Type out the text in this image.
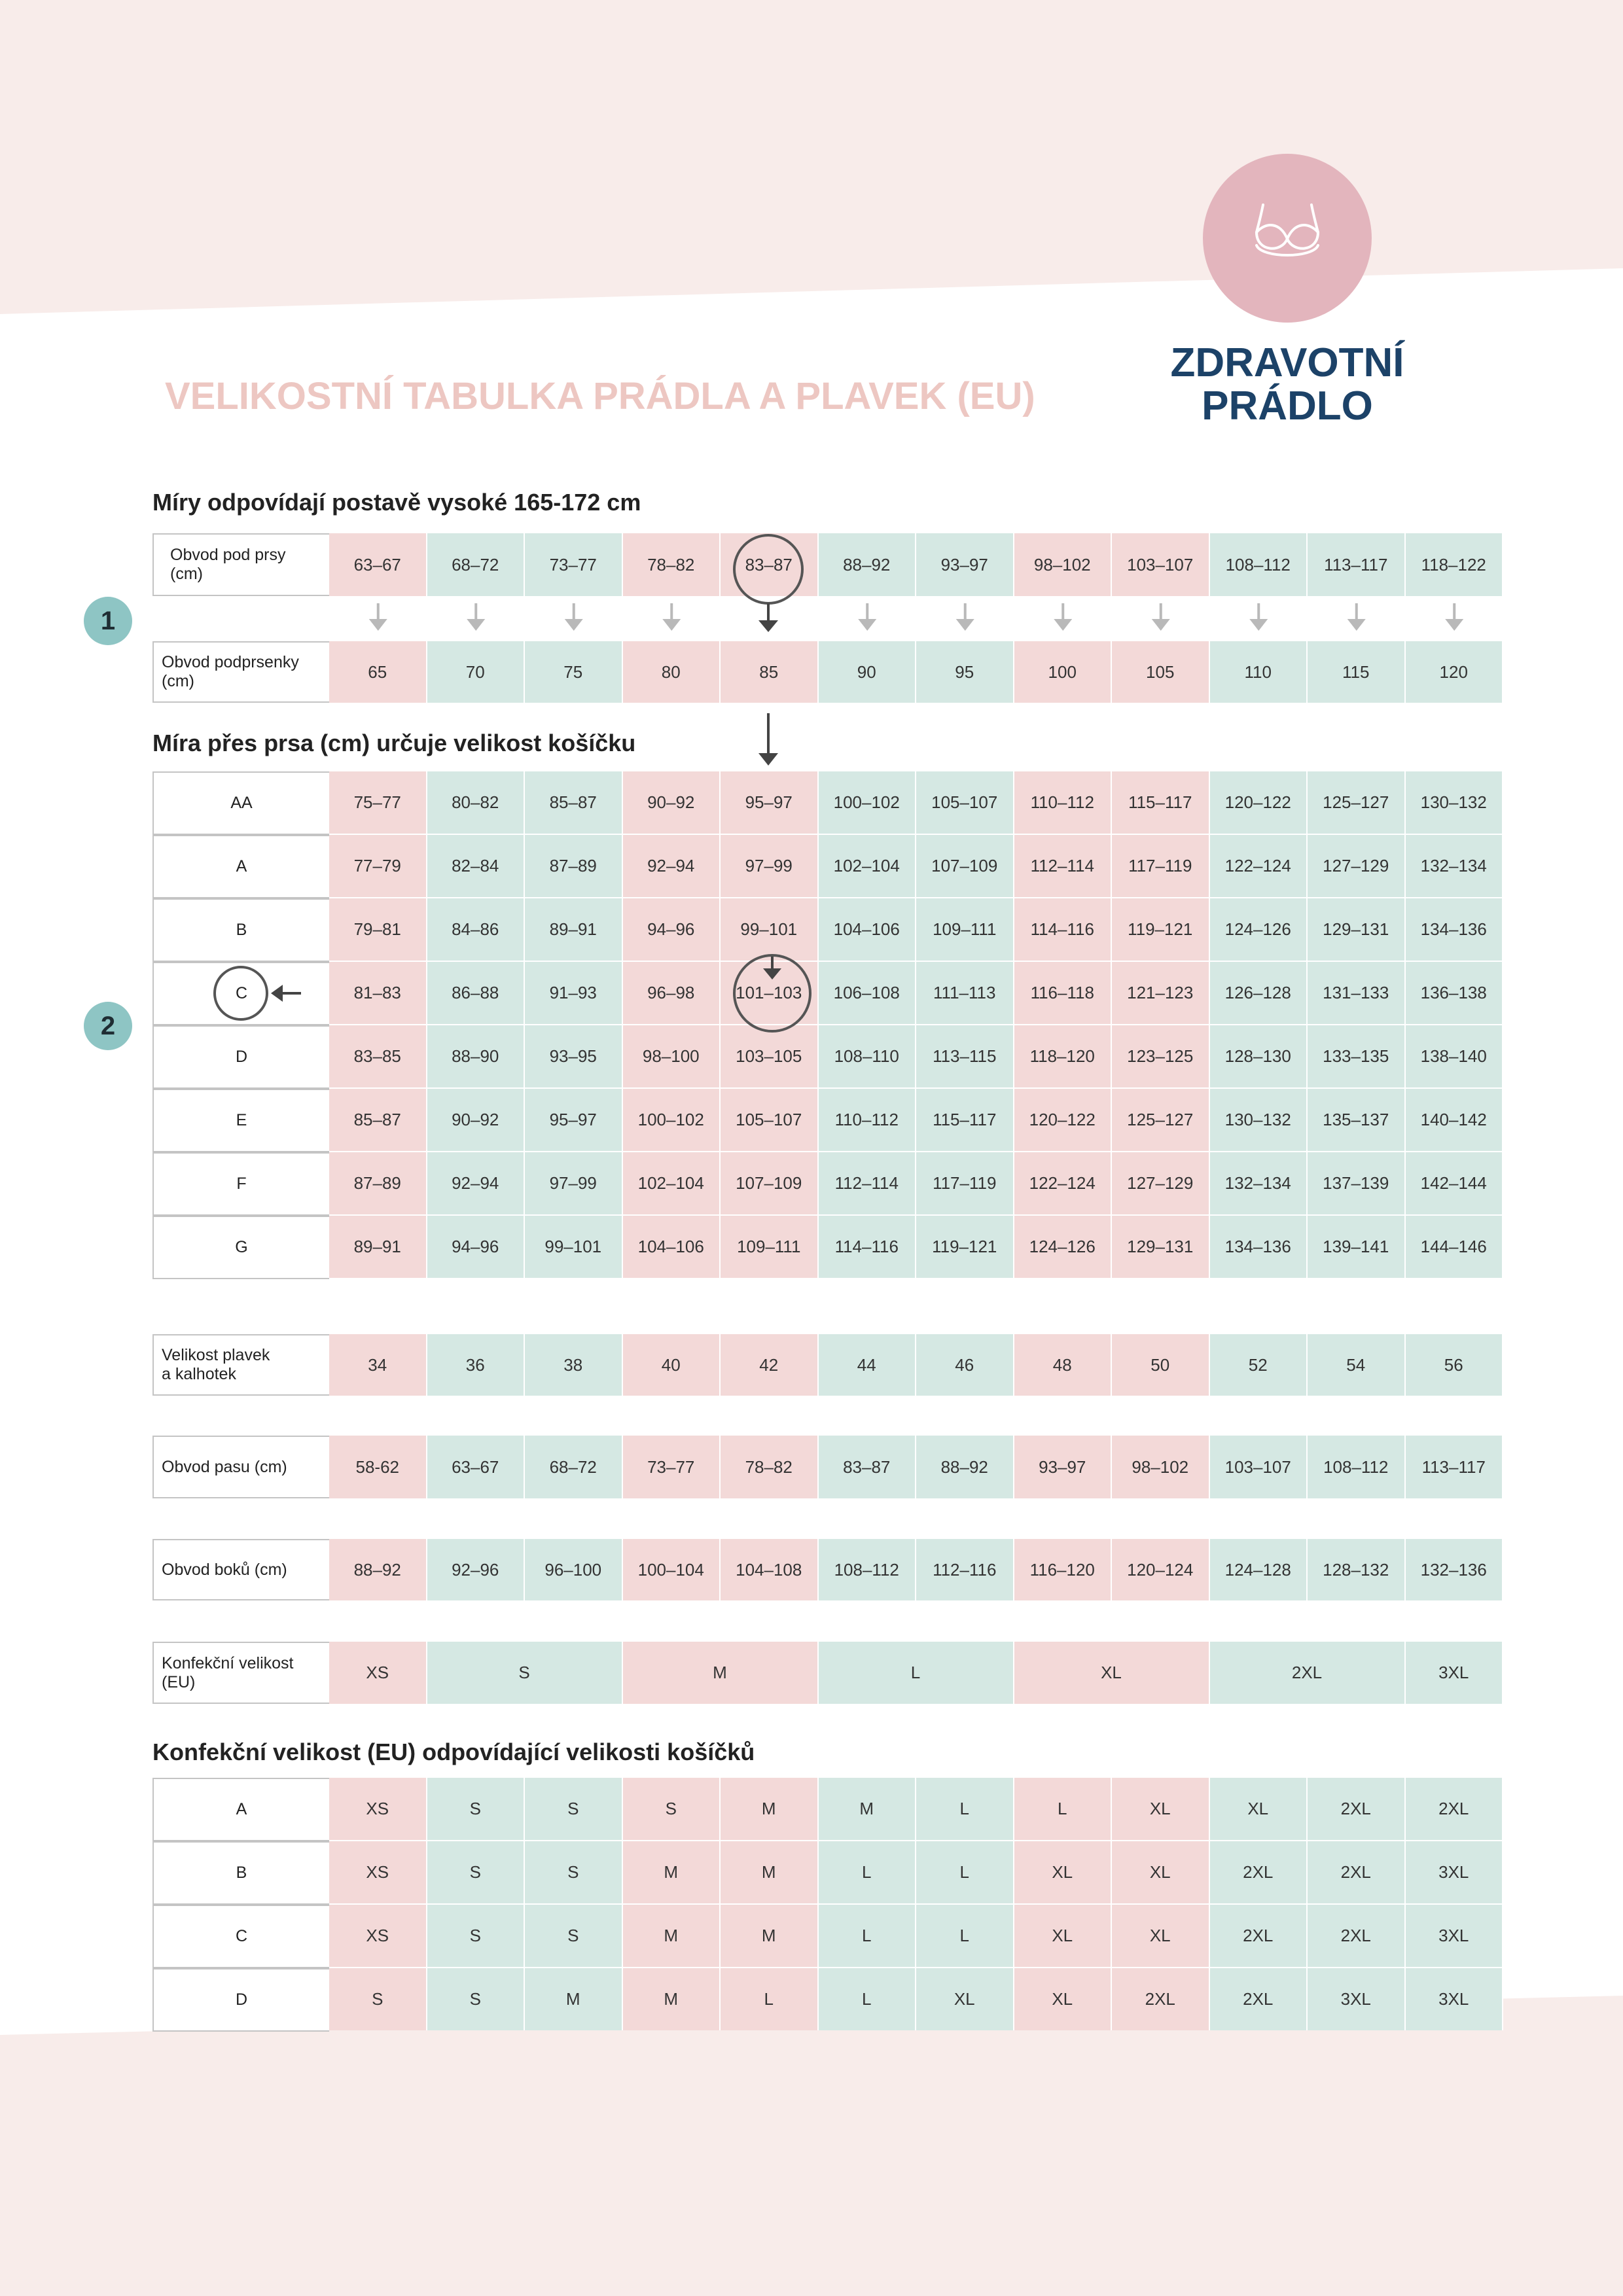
VELIKOSTNÍ TABULKA PRÁDLA A PLAVEK (EU)
ZDRAVOTNÍ
PRÁDLO
Míry odpovídají postavě vysoké 165-172 cm
Míra přes prsa (cm) určuje velikost košíčku
Konfekční velikost (EU) odpovídající velikosti košíčků
1
2
Obvod pod prsy
(cm)	63–67	68–72	73–77	78–82	83–87	88–92	93–97	98–102	103–107	108–112	113–117	118–122
Obvod podprsenky
(cm)	65	70	75	80	85	90	95	100	105	110	115	120
AA	75–77	80–82	85–87	90–92	95–97	100–102	105–107	110–112	115–117	120–122	125–127	130–132
A	77–79	82–84	87–89	92–94	97–99	102–104	107–109	112–114	117–119	122–124	127–129	132–134
B	79–81	84–86	89–91	94–96	99–101	104–106	109–111	114–116	119–121	124–126	129–131	134–136
C	81–83	86–88	91–93	96–98	101–103	106–108	111–113	116–118	121–123	126–128	131–133	136–138
D	83–85	88–90	93–95	98–100	103–105	108–110	113–115	118–120	123–125	128–130	133–135	138–140
E	85–87	90–92	95–97	100–102	105–107	110–112	115–117	120–122	125–127	130–132	135–137	140–142
F	87–89	92–94	97–99	102–104	107–109	112–114	117–119	122–124	127–129	132–134	137–139	142–144
G	89–91	94–96	99–101	104–106	109–111	114–116	119–121	124–126	129–131	134–136	139–141	144–146
Velikost plavek
a kalhotek	34	36	38	40	42	44	46	48	50	52	54	56
Obvod pasu (cm)	58-62	63–67	68–72	73–77	78–82	83–87	88–92	93–97	98–102	103–107	108–112	113–117
Obvod boků (cm)	88–92	92–96	96–100	100–104	104–108	108–112	112–116	116–120	120–124	124–128	128–132	132–136
Konfekční velikost
(EU)	XS	S	M	L	XL	2XL	3XL
A	XS	S	S	S	M	M	L	L	XL	XL	2XL	2XL
B	XS	S	S	M	M	L	L	XL	XL	2XL	2XL	3XL
C	XS	S	S	M	M	L	L	XL	XL	2XL	2XL	3XL
D	S	S	M	M	L	L	XL	XL	2XL	2XL	3XL	3XL
